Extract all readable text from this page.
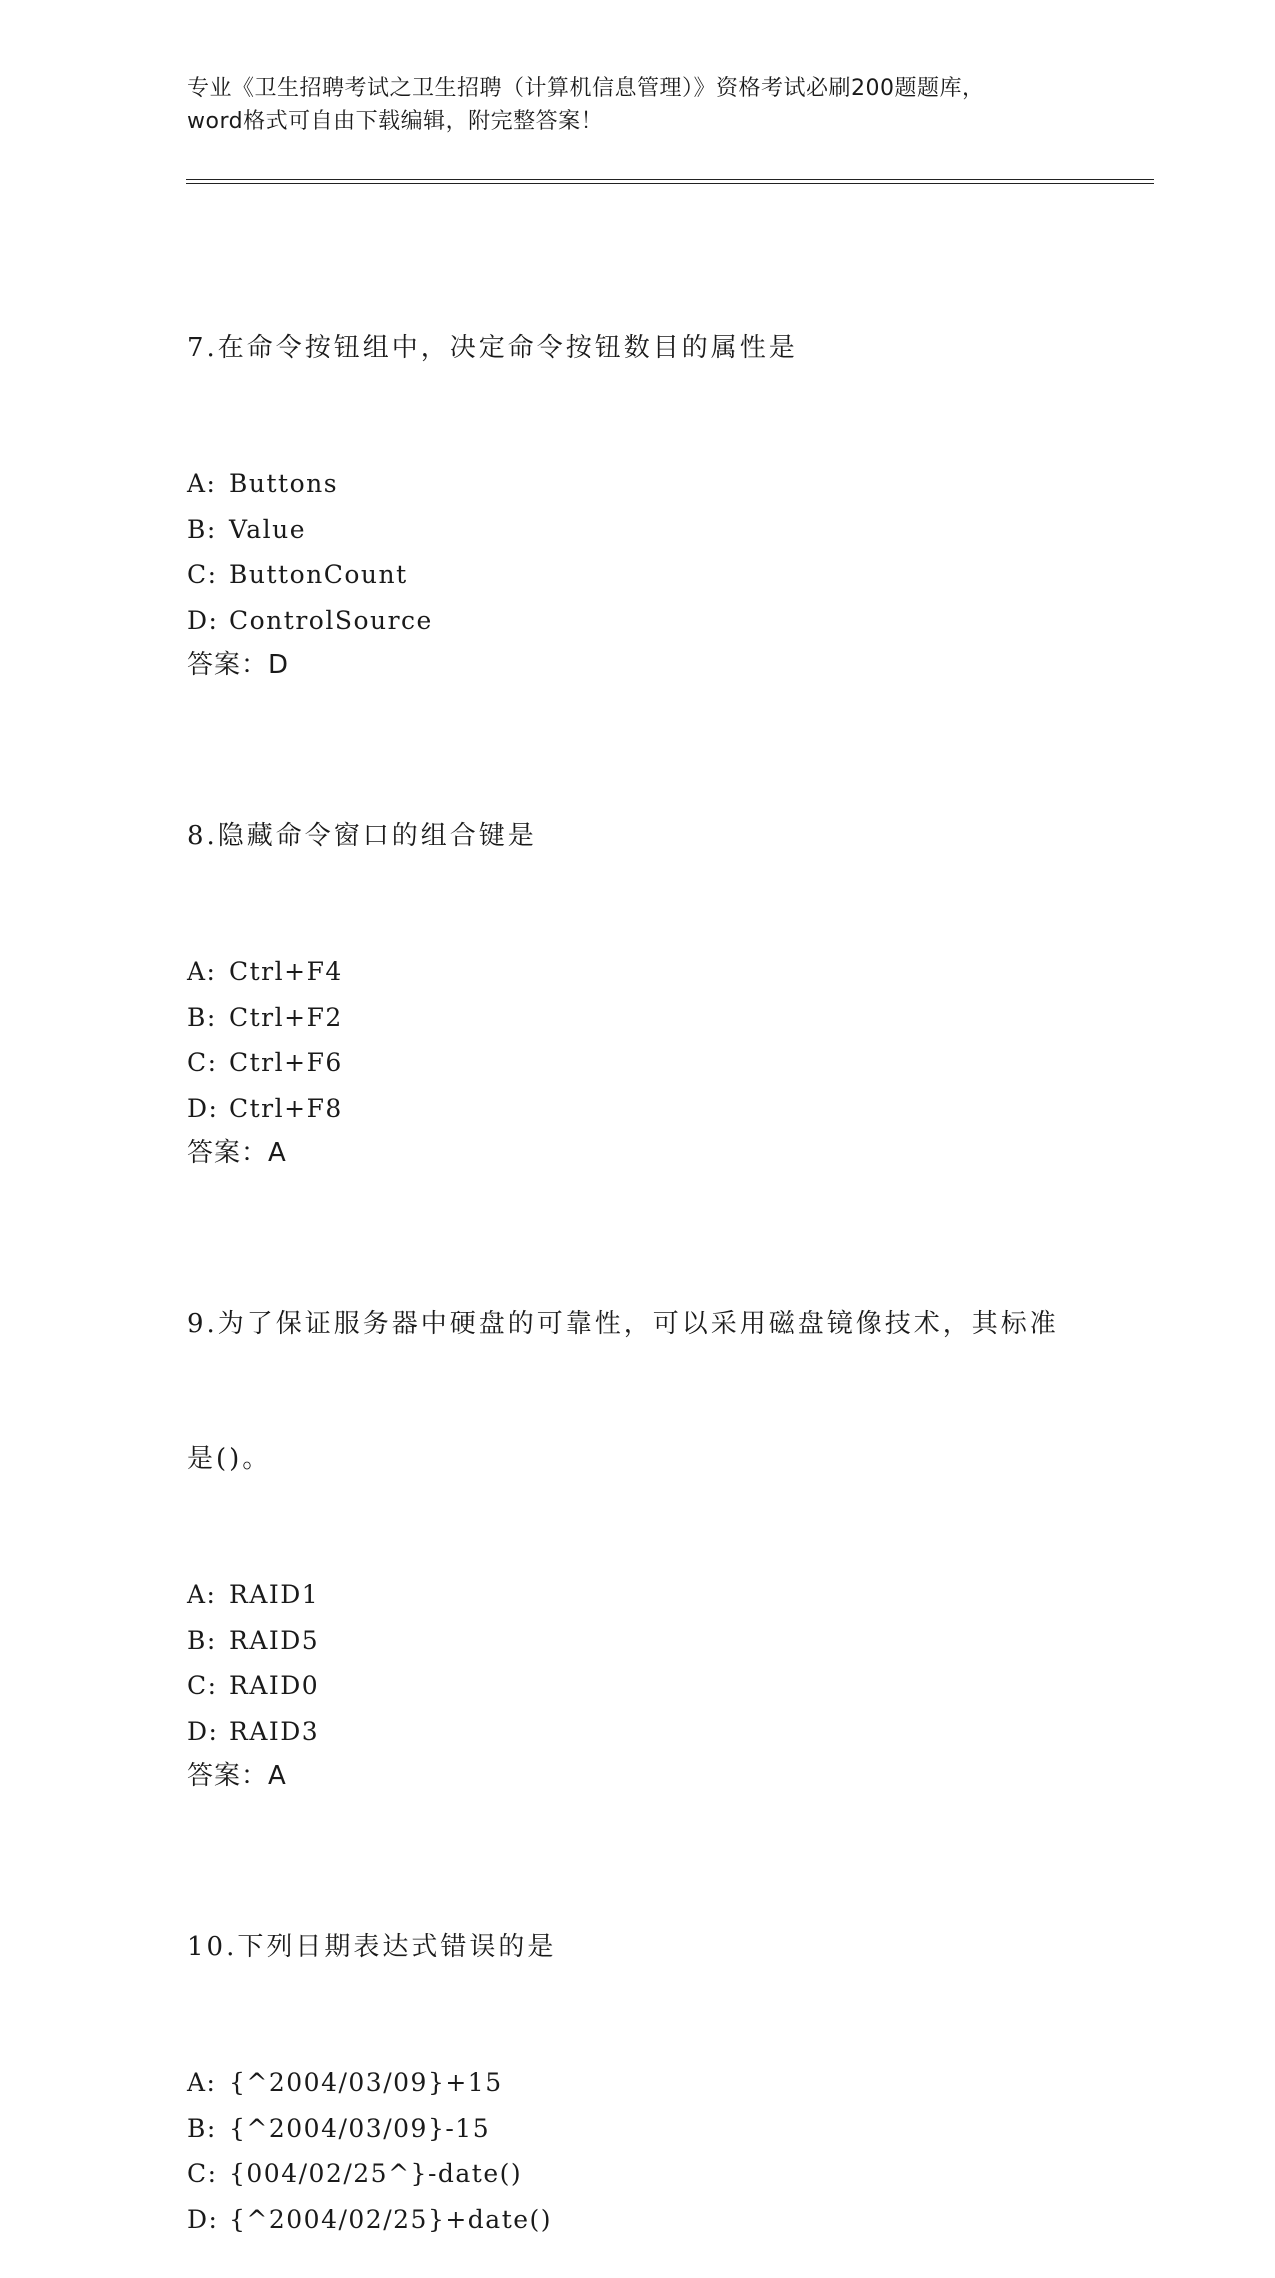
专业《卫生招聘考试之卫生招聘（计算机信息管理）》资格考试必刷200题题库，
word格式可自由下载编辑，附完整答案！

7.在命令按钮组中，决定命令按钮数目的属性是

A: Buttons
B: Value
C: ButtonCount
D: ControlSource
答案：D

8.隐藏命令窗口的组合键是

A: Ctrl+F4
B: Ctrl+F2
C: Ctrl+F6
D: Ctrl+F8
答案：A

9.为了保证服务器中硬盘的可靠性，可以采用磁盘镜像技术，其标准

是()。

A: RAID1
B: RAID5
C: RAID0
D: RAID3
答案：A

10.下列日期表达式错误的是

A: {^2004/03/09}+15
B: {^2004/03/09}-15
C: {004/02/25^}-date()
D: {^2004/02/25}+date()
